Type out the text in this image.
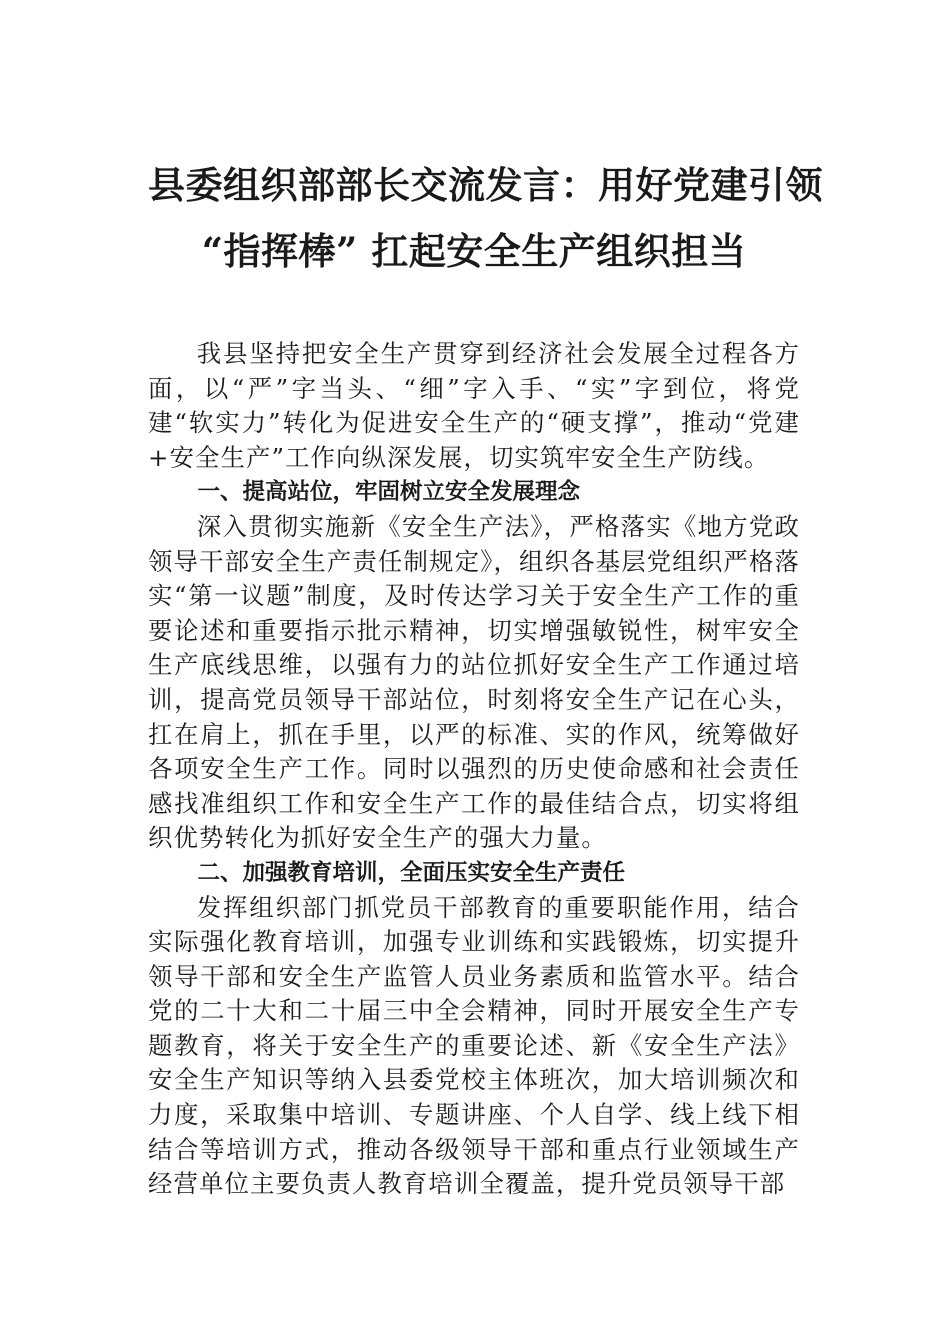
县委组织部部长交流发言：用好党建引领
“指挥棒” 扛起安全生产组织担当

我县坚持把安全生产贯穿到经济社会发展全过程各方面，以“严”字当头、“细”字入手、“实”字到位，将党建“软实力”转化为促进安全生产的“硬支撑”，推动“党建+安全生产”工作向纵深发展，切实筑牢安全生产防线。

一、提高站位，牢固树立安全发展理念

深入贯彻实施新《安全生产法》，严格落实《地方党政领导干部安全生产责任制规定》，组织各基层党组织严格落实“第一议题”制度，及时传达学习关于安全生产工作的重要论述和重要指示批示精神，切实增强敏锐性，树牢安全生产底线思维，以强有力的站位抓好安全生产工作通过培训，提高党员领导干部站位，时刻将安全生产记在心头，扛在肩上，抓在手里，以严的标准、实的作风，统筹做好各项安全生产工作。同时以强烈的历史使命感和社会责任感找准组织工作和安全生产工作的最佳结合点，切实将组织优势转化为抓好安全生产的强大力量。

二、加强教育培训，全面压实安全生产责任

发挥组织部门抓党员干部教育的重要职能作用，结合实际强化教育培训，加强专业训练和实践锻炼，切实提升领导干部和安全生产监管人员业务素质和监管水平。结合党的二十大和二十届三中全会精神，同时开展安全生产专题教育，将关于安全生产的重要论述、新《安全生产法》安全生产知识等纳入县委党校主体班次，加大培训频次和力度，采取集中培训、专题讲座、个人自学、线上线下相结合等培训方式，推动各级领导干部和重点行业领域生产经营单位主要负责人教育培训全覆盖，提升党员领导干部
